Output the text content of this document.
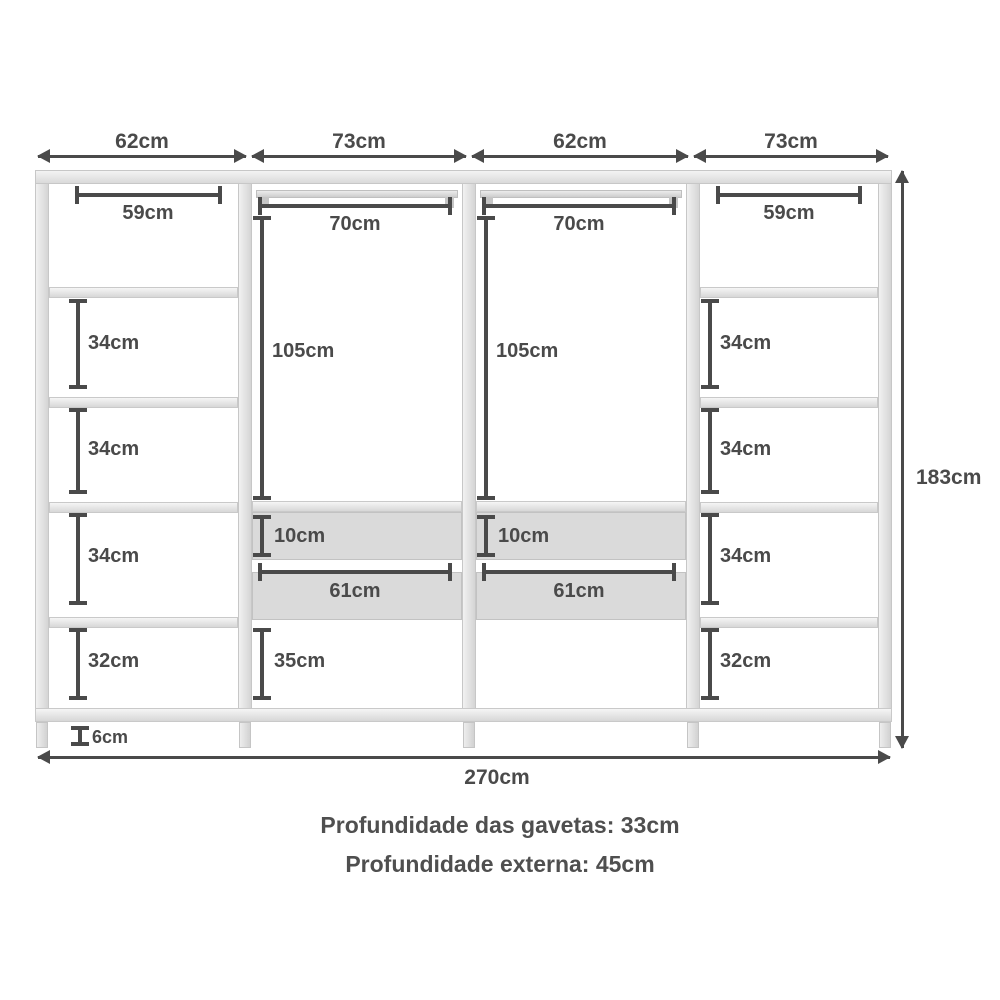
62cm	73cm	62cm	73cm
59cm
34cm
34cm
34cm
32cm
6cm
70cm
105cm
10cm
61cm
35cm
70cm
105cm
10cm
61cm
59cm
34cm
34cm
34cm
32cm
183cm
270cm
Profundidade das gavetas: 33cm
Profundidade externa: 45cm
